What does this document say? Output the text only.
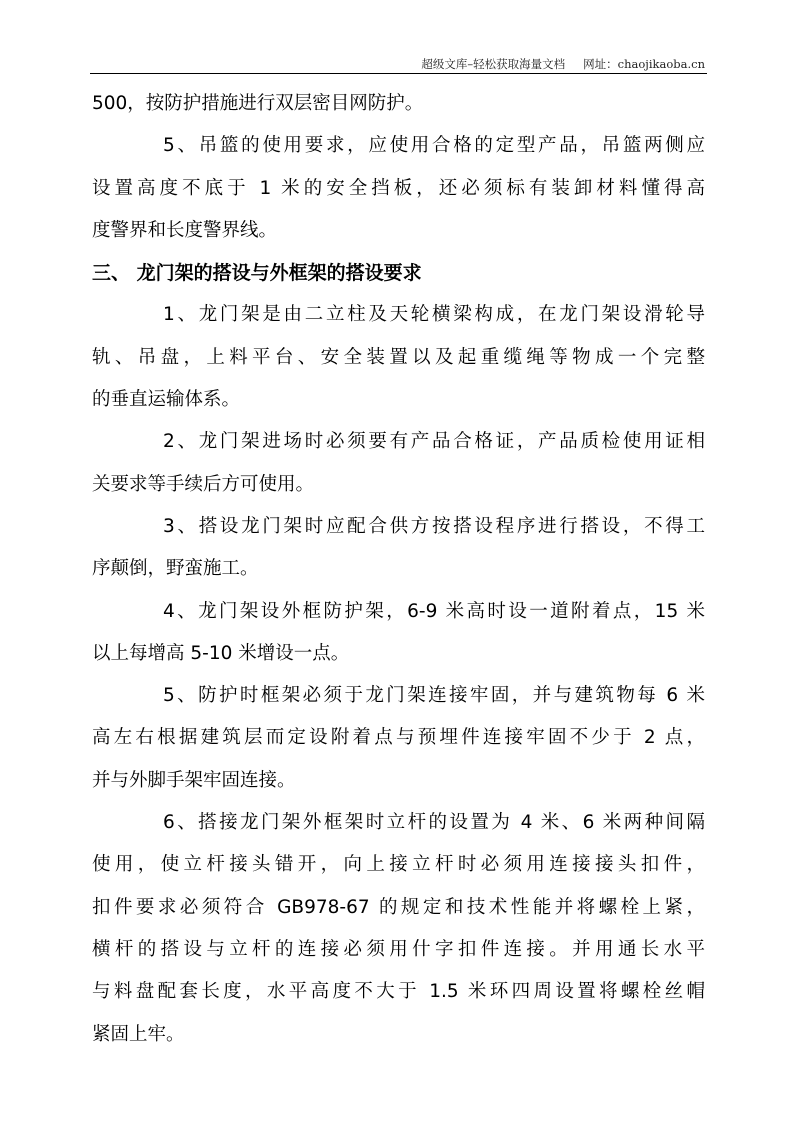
超级文库–轻松获取海量文档 网址：chaojikaoba.cn
500，按防护措施进行双层密目网防护。
5、吊篮的使用要求，应使用合格的定型产品，吊篮两侧应
设置高度不底于 1 米的安全挡板，还必须标有装卸材料懂得高
度警界和长度警界线。
三、 龙门架的搭设与外框架的搭设要求
1、龙门架是由二立柱及天轮横梁构成，在龙门架设滑轮导
轨、吊盘，上料平台、安全装置以及起重缆绳等物成一个完整
的垂直运输体系。
2、龙门架进场时必须要有产品合格证，产品质检使用证相
关要求等手续后方可使用。
3、搭设龙门架时应配合供方按搭设程序进行搭设，不得工
序颠倒，野蛮施工。
4、龙门架设外框防护架，6-9 米高时设一道附着点，15 米
以上每增高 5-10 米增设一点。
5、防护时框架必须于龙门架连接牢固，并与建筑物每 6 米
高左右根据建筑层而定设附着点与预埋件连接牢固不少于 2 点，
并与外脚手架牢固连接。
6、搭接龙门架外框架时立杆的设置为 4 米、6 米两种间隔
使用，使立杆接头错开，向上接立杆时必须用连接接头扣件，
扣件要求必须符合 GB978-67 的规定和技术性能并将螺栓上紧，
横杆的搭设与立杆的连接必须用什字扣件连接。并用通长水平
与料盘配套长度，水平高度不大于 1.5 米环四周设置将螺栓丝帽
紧固上牢。
